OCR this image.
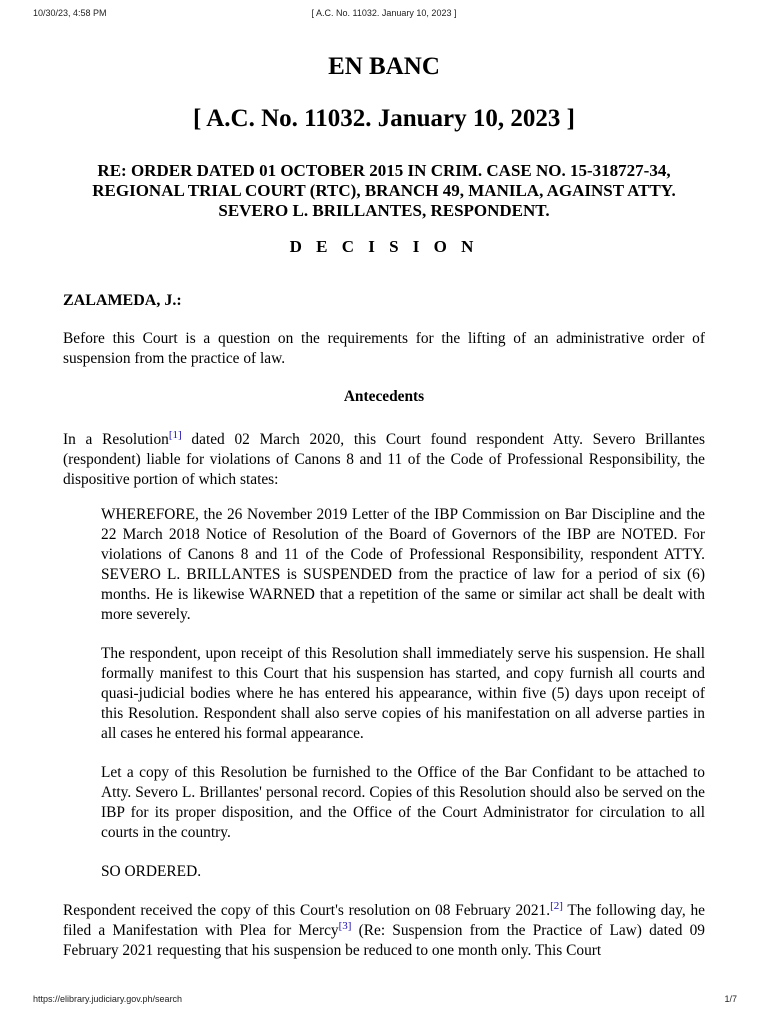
10/30/23, 4:58 PM	[ A.C. No. 11032. January 10, 2023 ]
EN BANC
[ A.C. No. 11032. January 10, 2023 ]
RE: ORDER DATED 01 OCTOBER 2015 IN CRIM. CASE NO. 15-318727-34, REGIONAL TRIAL COURT (RTC), BRANCH 49, MANILA, AGAINST ATTY. SEVERO L. BRILLANTES, RESPONDENT.
D E C I S I O N
ZALAMEDA, J.:

Before this Court is a question on the requirements for the lifting of an administrative order of suspension from the practice of law.

Antecedents

In a Resolution[1] dated 02 March 2020, this Court found respondent Atty. Severo Brillantes (respondent) liable for violations of Canons 8 and 11 of the Code of Professional Responsibility, the dispositive portion of which states:

WHEREFORE, the 26 November 2019 Letter of the IBP Commission on Bar Discipline and the 22 March 2018 Notice of Resolution of the Board of Governors of the IBP are NOTED. For violations of Canons 8 and 11 of the Code of Professional Responsibility, respondent ATTY. SEVERO L. BRILLANTES is SUSPENDED from the practice of law for a period of six (6) months. He is likewise WARNED that a repetition of the same or similar act shall be dealt with more severely.

The respondent, upon receipt of this Resolution shall immediately serve his suspension. He shall formally manifest to this Court that his suspension has started, and copy furnish all courts and quasi-judicial bodies where he has entered his appearance, within five (5) days upon receipt of this Resolution. Respondent shall also serve copies of his manifestation on all adverse parties in all cases he entered his formal appearance.

Let a copy of this Resolution be furnished to the Office of the Bar Confidant to be attached to Atty. Severo L. Brillantes' personal record. Copies of this Resolution should also be served on the IBP for its proper disposition, and the Office of the Court Administrator for circulation to all courts in the country.

SO ORDERED.

Respondent received the copy of this Court's resolution on 08 February 2021.[2] The following day, he filed a Manifestation with Plea for Mercy[3] (Re: Suspension from the Practice of Law) dated 09 February 2021 requesting that his suspension be reduced to one month only. This Court

https://elibrary.judiciary.gov.ph/search	1/7
